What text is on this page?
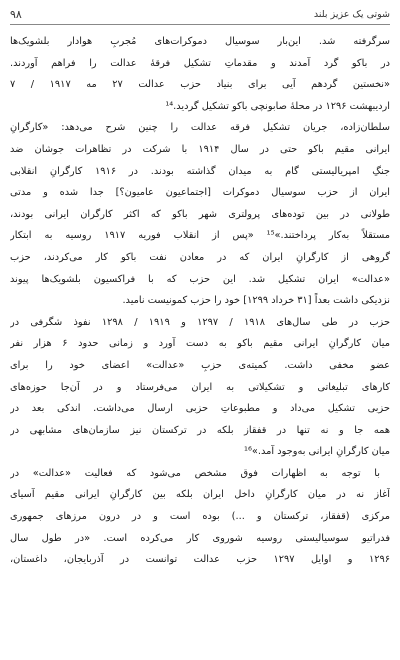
۹۸	شوتی یک عزیز بلند
سرگرفته شد. این‌بار سوسیال دموکرات‌های مُجربِ هوادار بلشویک‌ها
در باکو گرد آمدند و مقدماتِ تشکیل فرقهٔ عدالت را فراهم آوردند.
«نخستین گردهم آیی برای بنیاد حزب عدالت ۲۷ مه ۱۹۱۷ / ۷
اردیبهشت ۱۲۹۶ در محلهٔ صابونچی باکو تشکیل گردید.¹⁴
سلطان‌زاده، جریان تشکیل فرقه عدالت را چنین شرح می‌دهد: «کارگرانِ
ایرانی مقیم باکو حتی در سال ۱۹۱۴ با شرکت در تظاهرات جوشان ضد
جنگِ امپریالیستی گام به میدان گذاشته بودند. در ۱۹۱۶ کارگرانِ انقلابی
ایران از حزب سوسیال دموکرات [اجتماعیون عامیون؟] جدا شده و مدتی
طولانی در بین توده‌های پرولتری شهر باکو که اکثر کارگران ایرانی بودند،
مستقلاً به‌کار پرداختند.»¹⁵ «پس از انقلاب فوریه ۱۹۱۷ روسیه به ابتکار
گروهی از کارگرانِ ایران که در معادن نفت باکو کار می‌کردند، حزب
«عدالت» ایران تشکیل شد. این حزب که با فراکسیون بلشویک‌ها پیوند
نزدیکی داشت بعداً [۳۱ خرداد ۱۲۹۹] خود را حزب کمونیست نامید.
حزب در طی سال‌های ۱۹۱۸ / ۱۲۹۷ و ۱۹۱۹ / ۱۲۹۸ نفوذ شگرفی در
میان کارگرانِ ایرانی مقیم باکو به دست آورد و زمانی حدود ۶ هزار نفر
عضو مخفی داشت. کمیته‌ی حزبِ «عدالت» اعضای خود را برای
کارهای تبلیغاتی و تشکیلاتی به ایران می‌فرستاد و در آن‌جا حوزه‌های
حزبی تشکیل می‌داد و مطبوعاتِ حزبی ارسال می‌داشت. اندکی بعد در
همه جا و نه تنها در قفقاز بلکه در ترکستان نیز سازمان‌های مشابهی در
میان کارگرانِ ایرانی به‌وجود آمد.»¹⁶
با توجه به اظهارات فوق مشخص می‌شود که فعالیت «عدالت» در
آغاز نه در میان کارگرانِ داخل ایران بلکه بین کارگرانِ ایرانی مقیم آسیای
مرکزی (قفقاز، ترکستان و ...) بوده است و در درون مرزهای جمهوری
فدراتیو سوسیالیستی روسیه شوروی کار می‌کرده است. «در طول سال
۱۲۹۶ و اوایل ۱۲۹۷ حزب عدالت توانست در آذربایجان، داغستان،
